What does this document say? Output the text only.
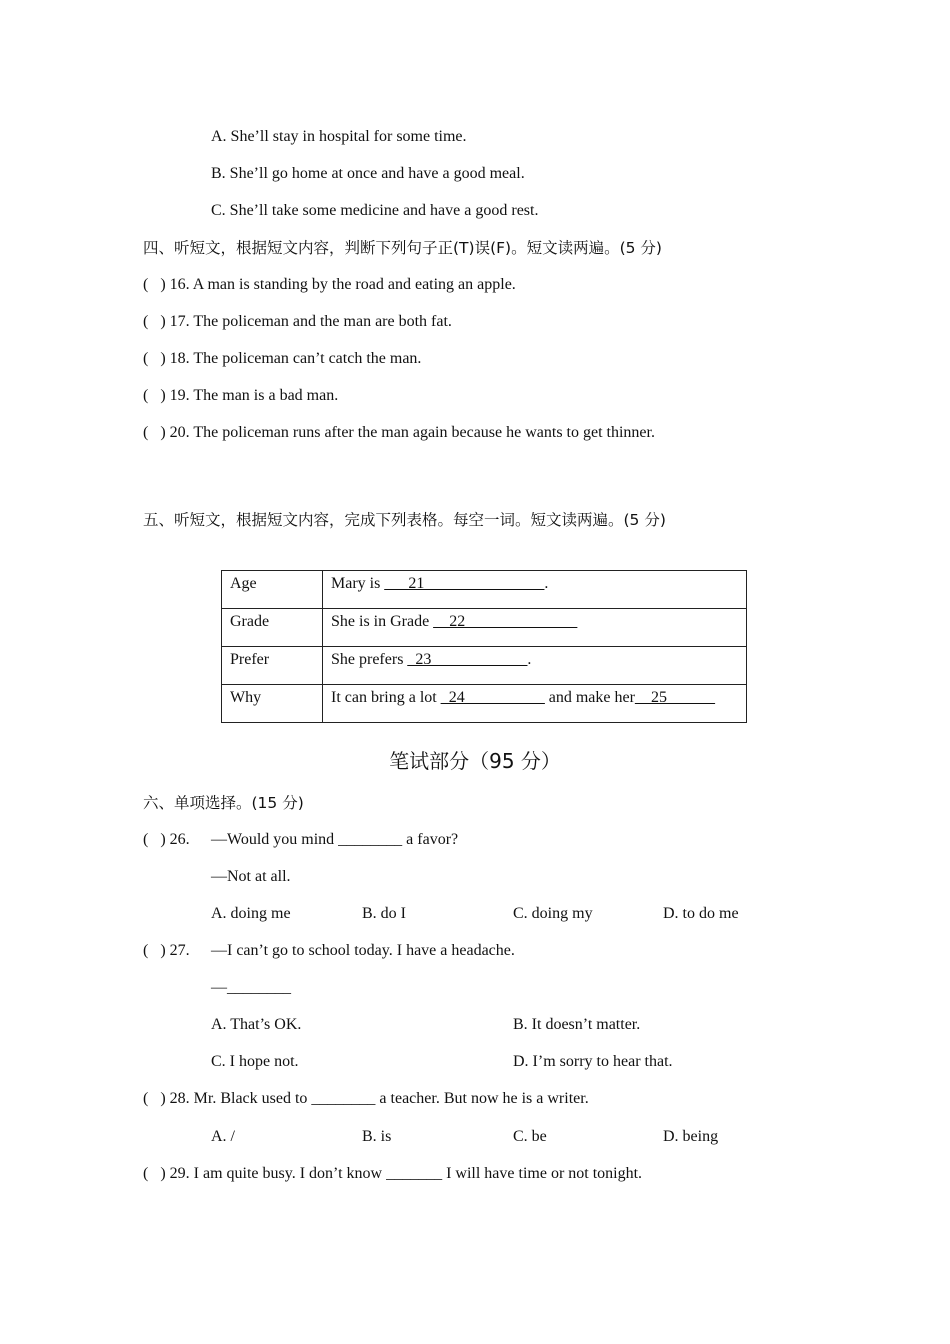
A. She’ll stay in hospital for some time.
B. She’ll go home at once and have a good meal.
C. She’ll take some medicine and have a good rest.
四、听短文，根据短文内容，判断下列句子正(T)误(F)。短文读两遍。(5 分)
(   ) 16. A man is standing by the road and eating an apple.
(   ) 17. The policeman and the man are both fat.
(   ) 18. The policeman can’t catch the man.
(   ) 19. The man is a bad man.
(   ) 20. The policeman runs after the man again because he wants to get thinner.
五、听短文，根据短文内容，完成下列表格。每空一词。短文读两遍。(5 分)
Age	Mary is ___21_______________.
Grade	She is in Grade __22______________
Prefer	She prefers _23____________.
Why	It can bring a lot _24__________ and make her__25______
笔试部分（95 分）
六、单项选择。(15 分)
(   ) 26. —Would you mind ________ a favor?
—Not at all.
A. doing me	B. do I	C. doing my	D. to do me
(   ) 27. —I can’t go to school today. I have a headache.
—________
A. That’s OK.	B. It doesn’t matter.
C. I hope not.	D. I’m sorry to hear that.
(   ) 28. Mr. Black used to ________ a teacher. But now he is a writer.
A. /	B. is	C. be	D. being
(   ) 29. I am quite busy. I don’t know _______ I will have time or not tonight.
